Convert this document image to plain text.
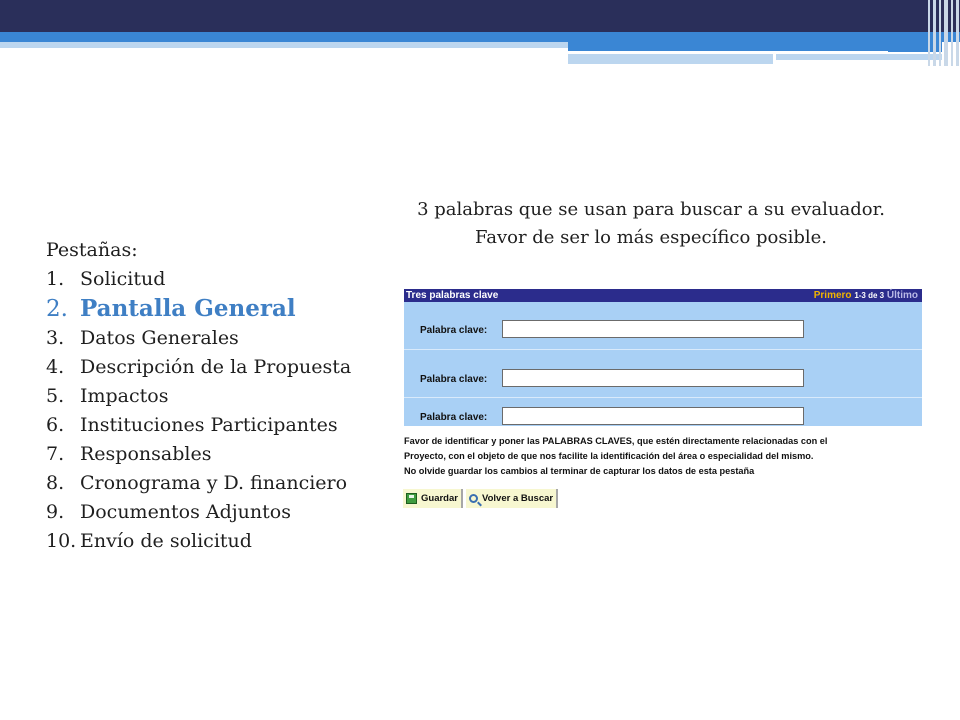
Pestañas:
1. Solicitud
2. Pantalla General
3. Datos Generales
4. Descripción de la Propuesta
5. Impactos
6. Instituciones Participantes
7. Responsables
8. Cronograma y D. financiero
9. Documentos Adjuntos
10. Envío de solicitud
3 palabras que se usan para buscar a su evaluador.
Favor de ser lo más específico posible.
Tres palabras clave	Primero 1-3 de 3 Último
Palabra clave:
Palabra clave:
Palabra clave:
Favor de identificar y poner las PALABRAS CLAVES, que estén directamente relacionadas con el
Proyecto, con el objeto de que nos facilite la identificación del área o especialidad del mismo.
No olvide guardar los cambios al terminar de capturar los datos de esta pestaña
Guardar	Volver a Buscar
